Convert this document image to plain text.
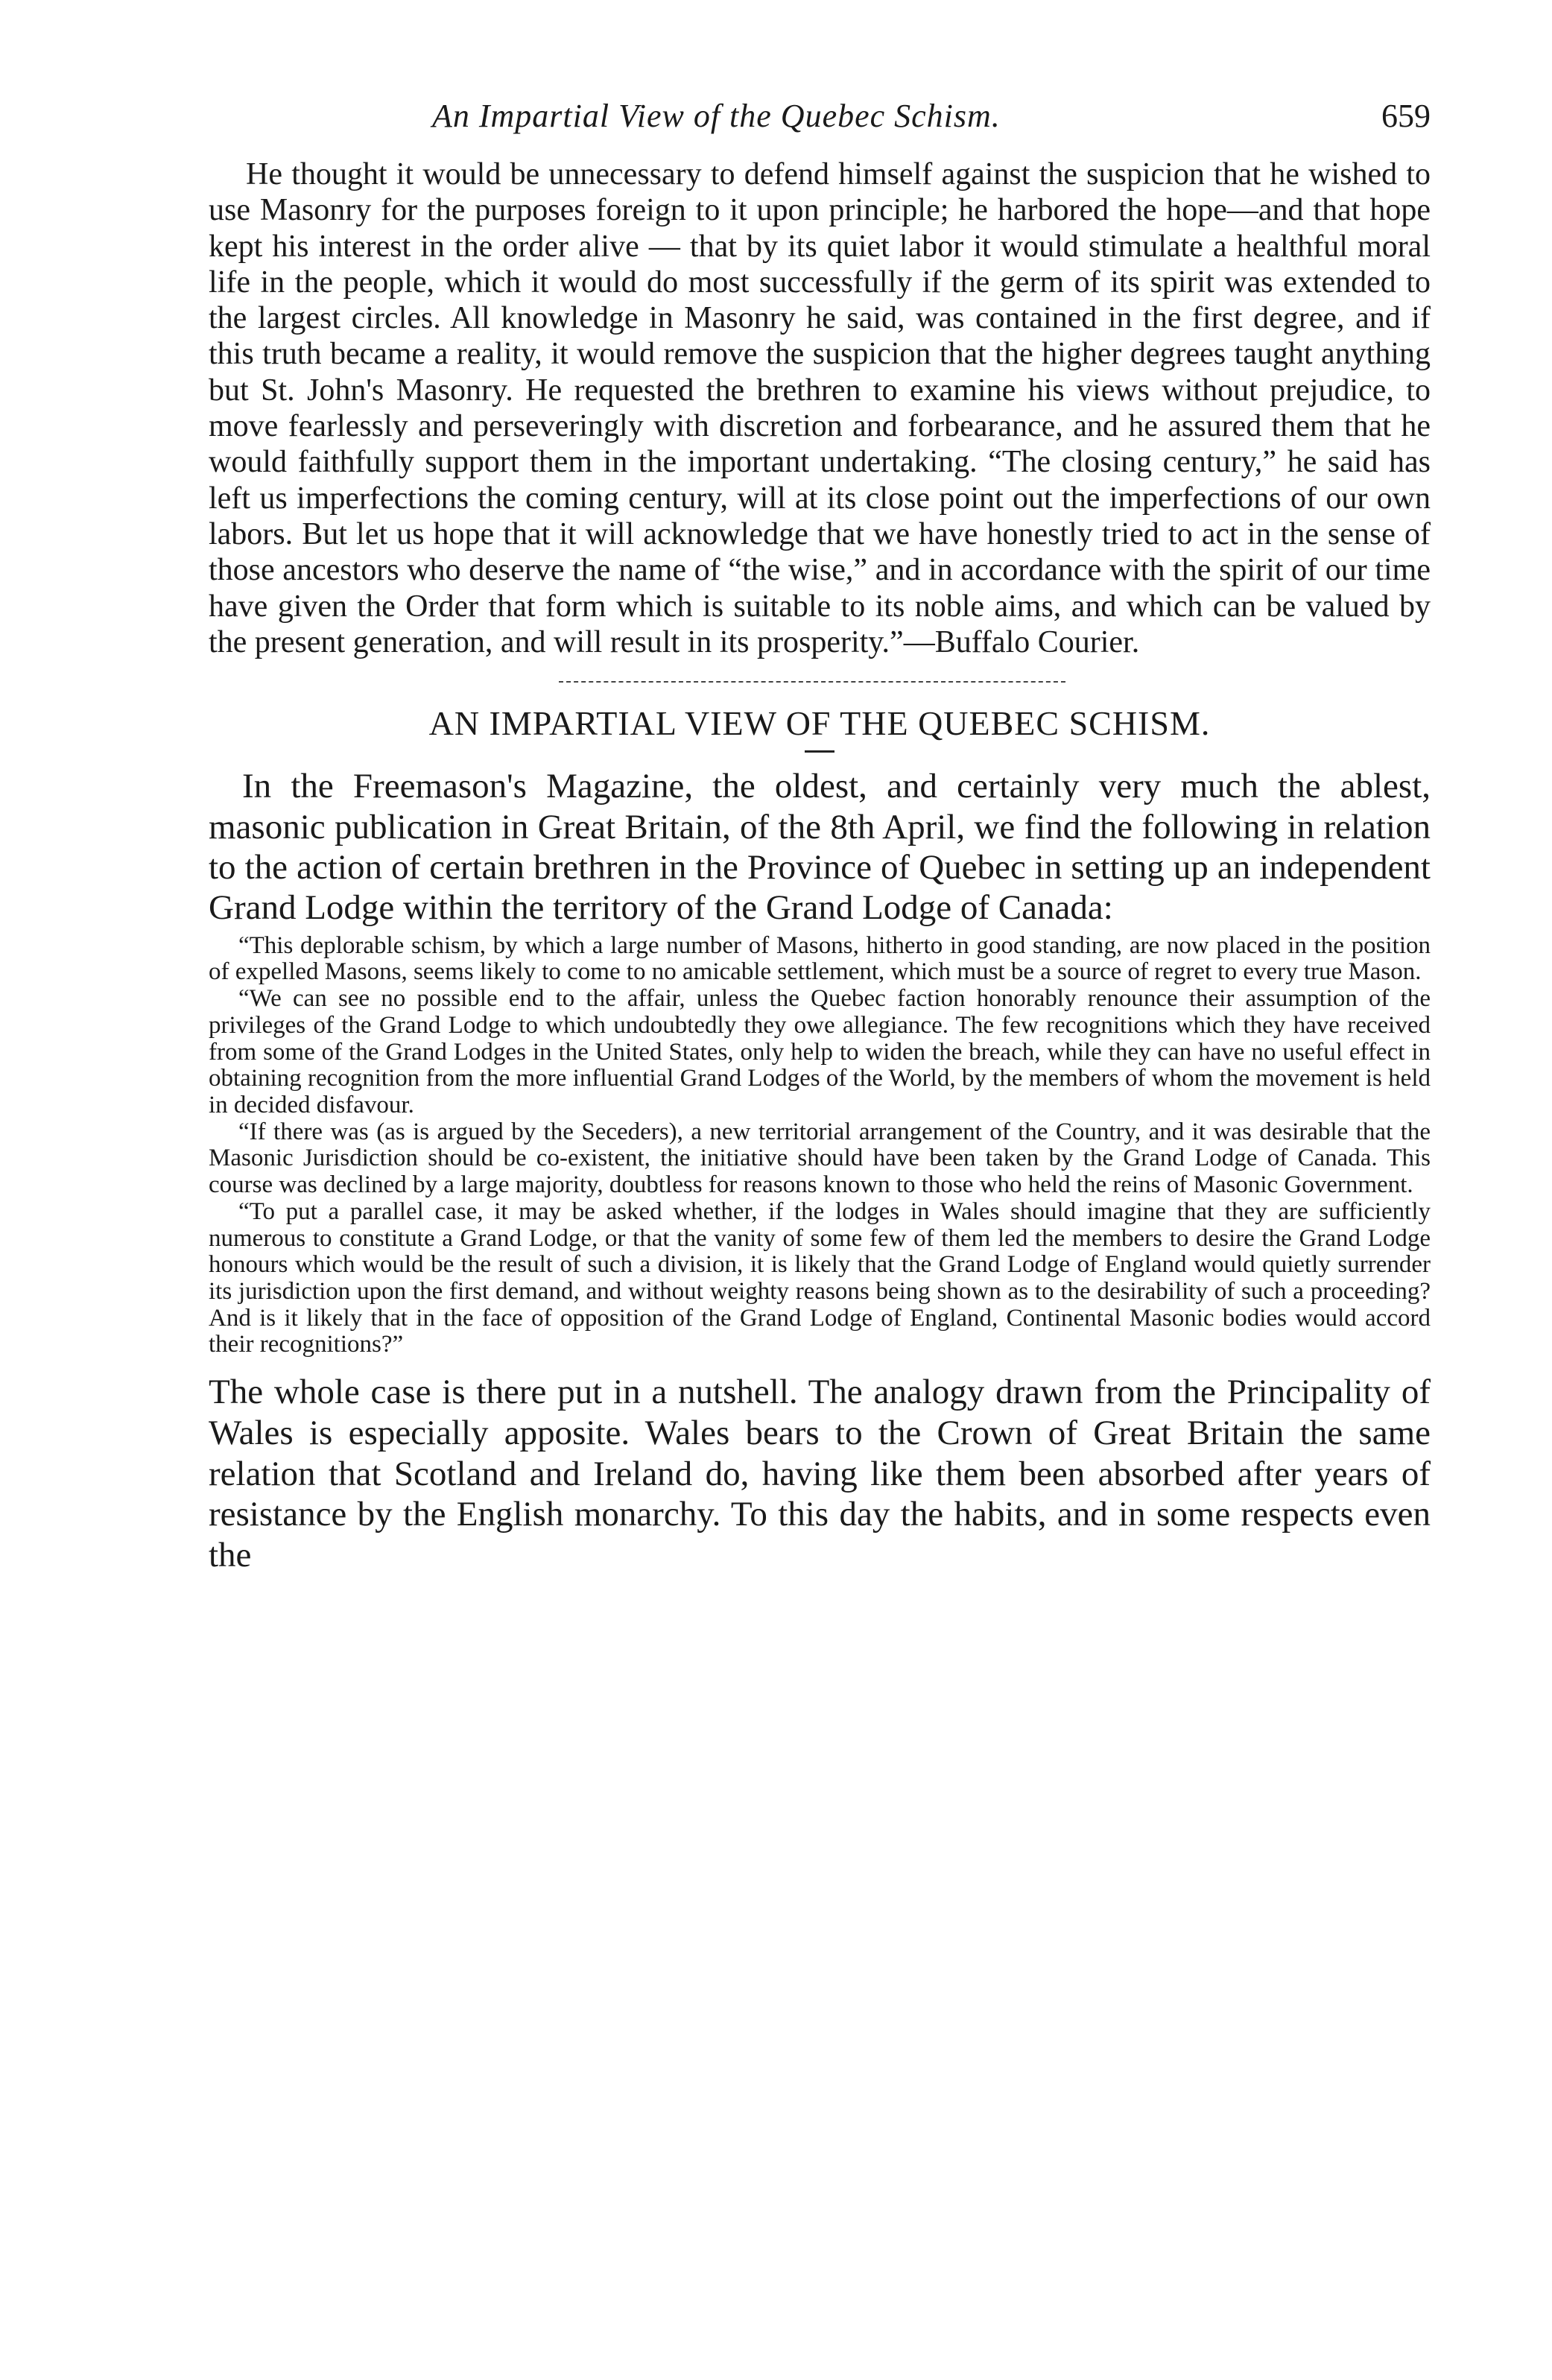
An Impartial View of the Quebec Schism.	659

He thought it would be unnecessary to defend himself against the suspicion that he wished to use Masonry for the purposes foreign to it upon principle; he harbored the hope—and that hope kept his interest in the order alive — that by its quiet labor it would stimulate a healthful moral life in the people, which it would do most successfully if the germ of its spirit was extended to the largest circles. All knowledge in Masonry he said, was contained in the first degree, and if this truth became a reality, it would remove the suspicion that the higher degrees taught anything but St. John's Masonry. He requested the brethren to examine his views without prejudice, to move fearlessly and perseveringly with discretion and forbearance, and he assured them that he would faithfully support them in the important undertaking. “The closing century,” he said has left us imperfections the coming century, will at its close point out the imperfections of our own labors. But let us hope that it will acknowledge that we have honestly tried to act in the sense of those ancestors who deserve the name of “the wise,” and in accordance with the spirit of our time have given the Order that form which is suitable to its noble aims, and which can be valued by the present generation, and will result in its prosperity.”—Buffalo Courier.

AN IMPARTIAL VIEW OF THE QUEBEC SCHISM.

In the Freemason's Magazine, the oldest, and certainly very much the ablest, masonic publication in Great Britain, of the 8th April, we find the following in relation to the action of certain brethren in the Province of Quebec in setting up an independent Grand Lodge within the territory of the Grand Lodge of Canada:

“This deplorable schism, by which a large number of Masons, hitherto in good standing, are now placed in the position of expelled Masons, seems likely to come to no amicable settlement, which must be a source of regret to every true Mason.

“We can see no possible end to the affair, unless the Quebec faction honorably renounce their assumption of the privileges of the Grand Lodge to which undoubtedly they owe allegiance. The few recognitions which they have received from some of the Grand Lodges in the United States, only help to widen the breach, while they can have no useful effect in obtaining recognition from the more influential Grand Lodges of the World, by the members of whom the movement is held in decided disfavour.

“If there was (as is argued by the Seceders), a new territorial arrangement of the Country, and it was desirable that the Masonic Jurisdiction should be co-existent, the initiative should have been taken by the Grand Lodge of Canada. This course was declined by a large majority, doubtless for reasons known to those who held the reins of Masonic Government.

“To put a parallel case, it may be asked whether, if the lodges in Wales should imagine that they are sufficiently numerous to constitute a Grand Lodge, or that the vanity of some few of them led the members to desire the Grand Lodge honours which would be the result of such a division, it is likely that the Grand Lodge of England would quietly surrender its jurisdiction upon the first demand, and without weighty reasons being shown as to the desirability of such a proceeding? And is it likely that in the face of opposition of the Grand Lodge of England, Continental Masonic bodies would accord their recognitions?”

The whole case is there put in a nutshell. The analogy drawn from the Principality of Wales is especially apposite. Wales bears to the Crown of Great Britain the same relation that Scotland and Ireland do, having like them been absorbed after years of resistance by the English monarchy. To this day the habits, and in some respects even the
